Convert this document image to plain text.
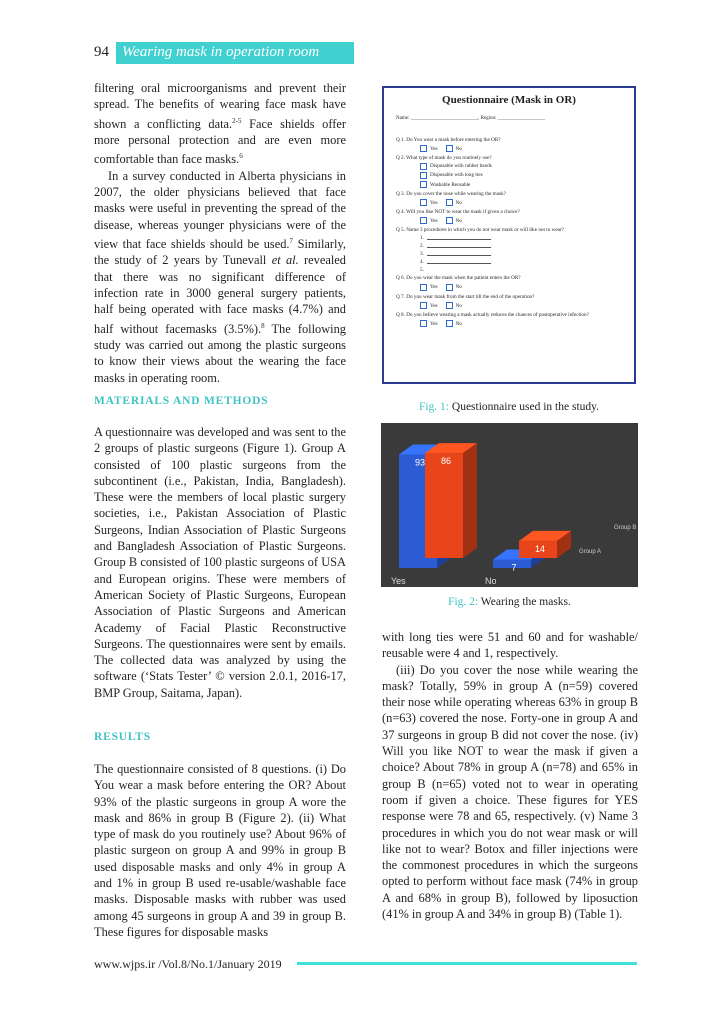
94 Wearing mask in operation room

filtering oral microorganisms and prevent their spread. The benefits of wearing face mask have shown a conflicting data.$^{2-5}$ Face shields offer more personal protection and are even more comfortable than face masks.$^6$

In a survey conducted in Alberta physicians in 2007, the older physicians believed that face masks were useful in preventing the spread of the disease, whereas younger physicians were of the view that face shields should be used.$^7$ Similarly, the study of 2 years by Tunevall et al. revealed that there was no significant difference of infection rate in 3000 general surgery patients, half being operated with face masks (4.7%) and half without facemasks (3.5%).$^8$ The following study was carried out among the plastic surgeons to know their views about the wearing the face masks in operating room.

MATERIALS AND METHODS
A questionnaire was developed and was sent to the 2 groups of plastic surgeons (Figure 1). Group A consisted of 100 plastic surgeons from the subcontinent (i.e., Pakistan, India, Bangladesh). These were the members of local plastic surgery societies, i.e., Pakistan Association of Plastic Surgeons, Indian Association of Plastic Surgeons and Bangladesh Association of Plastic Surgeons. Group B consisted of 100 plastic surgeons of USA and European origins. These were members of American Society of Plastic Surgeons, European Association of Plastic Surgeons and American Academy of Facial Plastic Reconstructive Surgeons. The questionnaires were sent by emails. The collected data was analyzed by using the software (‘Stats Tester’ © version 2.0.1, 2016-17, BMP Group, Saitama, Japan).
RESULTS
The questionnaire consisted of 8 questions. (i) Do You wear a mask before entering the OR? About 93% of the plastic surgeons in group A wore the mask and 86% in group B (Figure 2). (ii) What type of mask do you routinely use? About 96% of plastic surgeon on group A and 99% in group B used disposable masks and only 4% in group A and 1% in group B used re-usable/washable face masks. Disposable masks with rubber was used among 45 surgeons in group A and 39 in group B. These figures for disposable masks
Questionnaire (Mask in OR)
Name: ___________________________, Region: ___________________
Q 1. Do You wear a mask before entering the OR?
Yes	No
Q 2. What type of mask do you routinely use?
Disposable with rubber bands
Disposable with long ties
Washable Reusable
Q 3. Do you cover the nose while wearing the mask?
Yes	No
Q 4. Will you like NOT to wear the mask if given a choice?
Yes	No
Q 5. Name 3 procedures in which you do not wear mask or will like not to wear?
1.
2.
3.
4.
5.
Q 6. Do you wear the mask when the patient enters the OR?
Yes	No
Q 7. Do you wear mask from the start till the end of the operation?
Yes	No
Q 8. Do you believe wearing a mask actually reduces the chances of postoperative infection?
Yes	No
Fig. 1: Questionnaire used in the study.
93
7
86
14
Yes	No
Group A
Group B
Fig. 2: Wearing the masks.

with long ties were 51 and 60 and for washable/ reusable were 4 and 1, respectively.

(iii) Do you cover the nose while wearing the mask? Totally, 59% in group A (n=59) covered their nose while operating whereas 63% in group B (n=63) covered the nose. Forty-one in group A and 37 surgeons in group B did not cover the nose. (iv) Will you like NOT to wear the mask if given a choice? About 78% in group A (n=78) and 65% in group B (n=65) voted not to wear in operating room if given a choice. These figures for YES response were 78 and 65, respectively. (v) Name 3 procedures in which you do not wear mask or will like not to wear? Botox and filler injections were the commonest procedures in which the surgeons opted to perform without face mask (74% in group A and 68% in group B), followed by liposuction (41% in group A and 34% in group B) (Table 1).

www.wjps.ir /Vol.8/No.1/January 2019
